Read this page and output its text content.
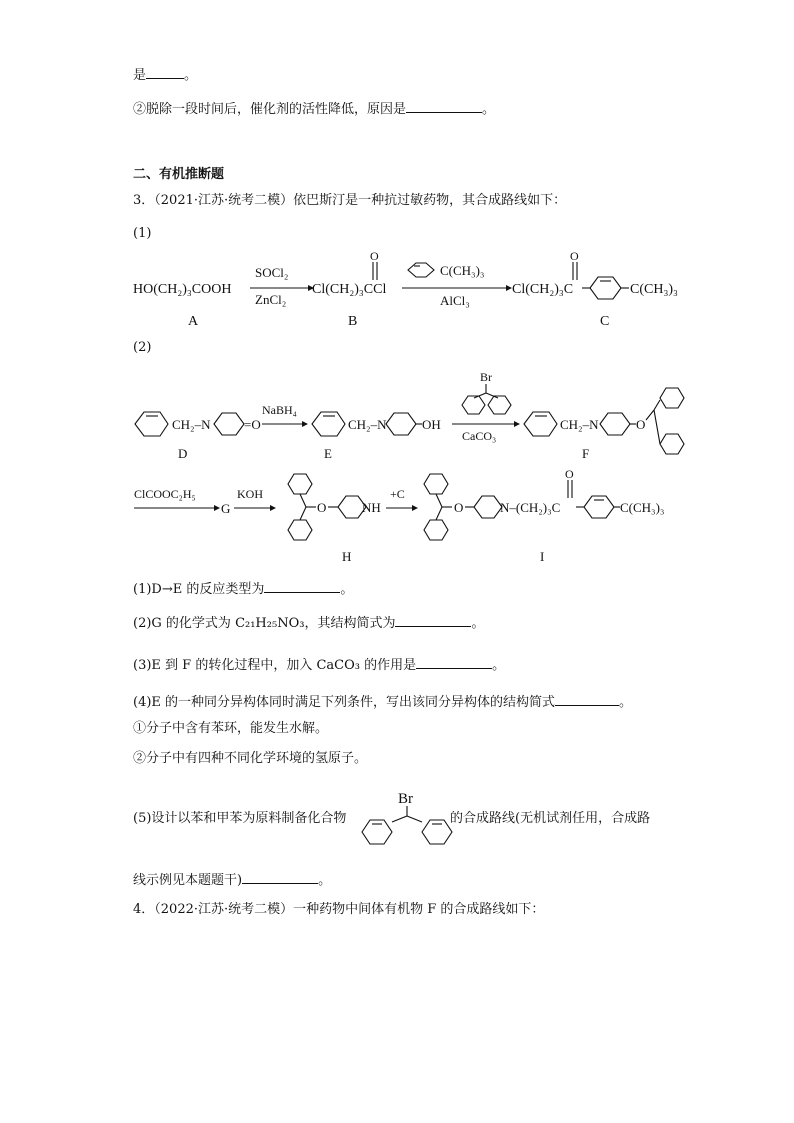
是	。
②脱除一段时间后，催化剂的活性降低，原因是	。
二、有机推断题
3．（2021·江苏·统考二模）依巴斯汀是一种抗过敏药物，其合成路线如下：
(1)
(2)
HO(CH₂)₃COOH
SOCl₂
ZnCl₂
Cl(CH₂)₃CCl
O
C(CH₃)₃
AlCl₃
Cl(CH₂)₃C
O
C(CH₃)₃
A	B	C
CH₂–N	=O
NaBH₄
CH₂–N	OH
Br
CaCO₃
CH₂–N	O
D	E	F
ClCOOC₂H₅
G
KOH
O	NH
+C
O	N–(CH₂)₃C
O
C(CH₃)₃
H	I
Br
(1)D→E 的反应类型为	。
(2)G 的化学式为 C₂₁H₂₅NO₃，其结构简式为	。
(3)E 到 F 的转化过程中，加入 CaCO₃ 的作用是	。
(4)E 的一种同分异构体同时满足下列条件，写出该同分异构体的结构简式	。
①分子中含有苯环，能发生水解。
②分子中有四种不同化学环境的氢原子。
(5)设计以苯和甲苯为原料制备化合物	的合成路线(无机试剂任用，合成路
线示例见本题题干)	。
4．（2022·江苏·统考二模）一种药物中间体有机物 F 的合成路线如下：
